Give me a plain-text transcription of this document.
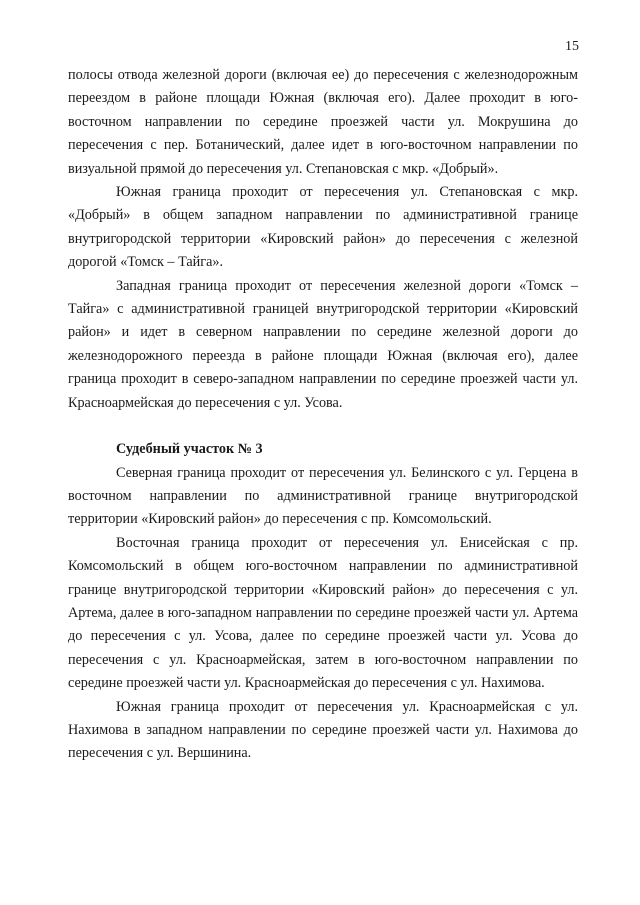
15

полосы отвода железной дороги (включая ее) до пересечения с железнодорожным переездом в районе площади Южная (включая его). Далее проходит в юго-восточном направлении по середине проезжей части ул. Мокрушина до пересечения с пер. Ботанический, далее идет в юго-восточном направлении по визуальной прямой до пересечения ул. Степановская с мкр. «Добрый».

Южная граница проходит от пересечения ул. Степановская с мкр. «Добрый» в общем западном направлении по административной границе внутригородской территории «Кировский район» до пересечения с железной дорогой «Томск – Тайга».

Западная граница проходит от пересечения железной дороги «Томск – Тайга» с административной границей внутригородской территории «Кировский район» и идет в северном направлении по середине железной дороги до железнодорожного переезда в районе площади Южная (включая его), далее граница проходит в северо-западном направлении по середине проезжей части ул. Красноармейская до пересечения с ул. Усова.

Судебный участок № 3

Северная граница проходит от пересечения ул. Белинского с ул. Герцена в восточном направлении по административной границе внутригородской территории «Кировский район» до пересечения с пр. Комсомольский.

Восточная граница проходит от пересечения ул. Енисейская с пр. Комсомольский в общем юго-восточном направлении по административной границе внутригородской территории «Кировский район» до пересечения с ул. Артема, далее в юго-западном направлении по середине проезжей части ул. Артема до пересечения с ул. Усова, далее по середине проезжей части ул. Усова до пересечения с ул. Красноармейская, затем в юго-восточном направлении по середине проезжей части ул. Красноармейская до пересечения с ул. Нахимова.

Южная граница проходит от пересечения ул. Красноармейская с ул. Нахимова в западном направлении по середине проезжей части ул. Нахимова до пересечения с ул. Вершинина.
